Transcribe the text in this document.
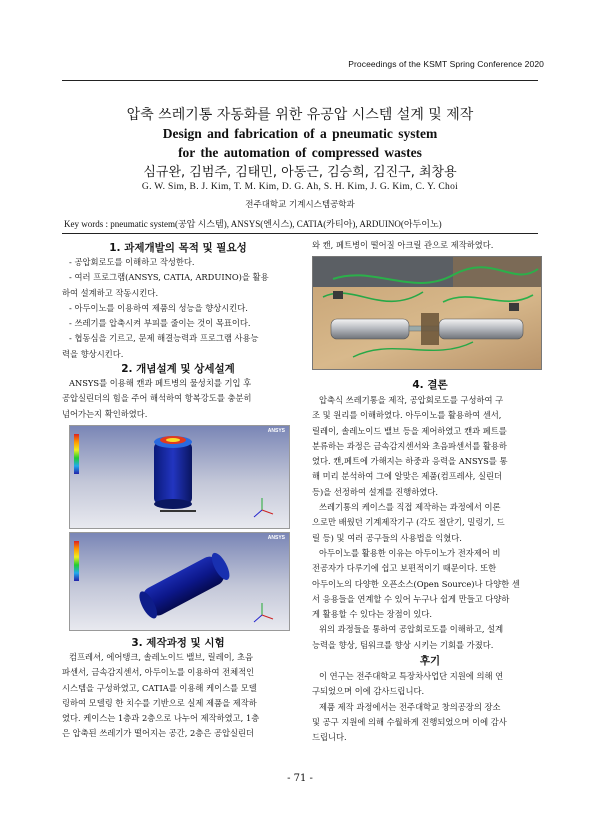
Proceedings of the KSMT Spring Conference 2020
압축 쓰레기통 자동화를 위한 유공압 시스템 설계 및 제작
Design and fabrication of a pneumatic system
for the automation of compressed wastes
심규완, 김범주, 김태민, 아동근, 김승희, 김진구, 최창용
G. W. Sim, B. J. Kim, T. M. Kim, D. G. Ah, S. H. Kim, J. G. Kim, C. Y. Choi
전주대학교 기계시스템공학과
Key words : pneumatic system(공압 시스템), ANSYS(엔시스), CATIA(카티아), ARDUINO(아두이노)
1. 과제개발의 목적 및 필요성

- 공압회로도를 이해하고 작성한다.

- 여러 프로그램(ANSYS, CATIA, ARDUINO)을 활용

하여 설계하고 작동시킨다.

- 아두이노를 이용하여 제품의 성능을 향상시킨다.

- 쓰레기를 압축시켜 부피를 줄이는 것이 목표이다.

- 협동심을 기르고, 문제 해결능력과 프로그램 사용능

력을 향상시킨다.

2. 개념설계 및 상세설계

ANSYS를 이용해 캔과 페트병의 물성치를 기입 후

공압실린더의 힘을 주어 해석하여 항복강도를 충분히

넘어가는지 확인하였다.

ANSYS
ANSYS
3. 제작과정 및 시험

컴프레셔, 에어탱크, 솔레노이드 밸브, 릴레이, 초음

파센서, 금속감지센서, 아두이노를 이용하여 전체적인

시스템을 구성하였고, CATIA를 이용해 케이스를 모델

링하여 모델링 한 치수를 기반으로 실제 제품을 제작하

였다. 케이스는 1층과 2층으로 나누어 제작하였고, 1층

은 압축된 쓰레기가 떨어지는 공간, 2층은 공압실린더

와 캔, 페트병이 떨어질 아크릴 관으로 제작하였다.

4. 결론

압축식 쓰레기통을 제작, 공압회로도를 구성하여 구

조 및 원리를 이해하였다. 아두이노를 활용하여 센서,

릴레이, 솔레노이드 밸브 등을 제어하였고 캔과 페트를

분류하는 과정은 금속감지센서와 초음파센서를 활용하

였다. 캔,페트에 가해지는 하중과 응력을 ANSYS를 통

해 미리 분석하여 그에 알맞은 제품(컴프레샤, 실린더

등)을 선정하여 설계를 진행하였다.

쓰레기통의 케이스를 직접 제작하는 과정에서 이론

으로만 배웠던 기계제작기구 (각도 절단기, 밀링기, 드

릴 등) 및 여러 공구들의 사용법을 익혔다.

아두이노를 활용한 이유는 아두이노가 전자제어 비

전공자가 다루기에 쉽고 보편적이기 때문이다. 또한

아두이노의 다양한 오픈소스(Open Source)나 다양한 센

서 응용들을 연계할 수 있어 누구나 쉽게 만들고 다양하

게 활용할 수 있다는 장점이 있다.

위의 과정들을 통하여 공압회로도를 이해하고, 설계

능력을 향상, 팀워크를 향상 시키는 기회를 가졌다.

후기

이 연구는 전주대학교 특장차사업단 지원에 의해 연

구되었으며 이에 감사드립니다.

제품 제작 과정에서는 전주대학교 창의공장의 장소

및 공구 지원에 의해 수월하게 진행되었으며 이에 감사

드립니다.

- 71 -
